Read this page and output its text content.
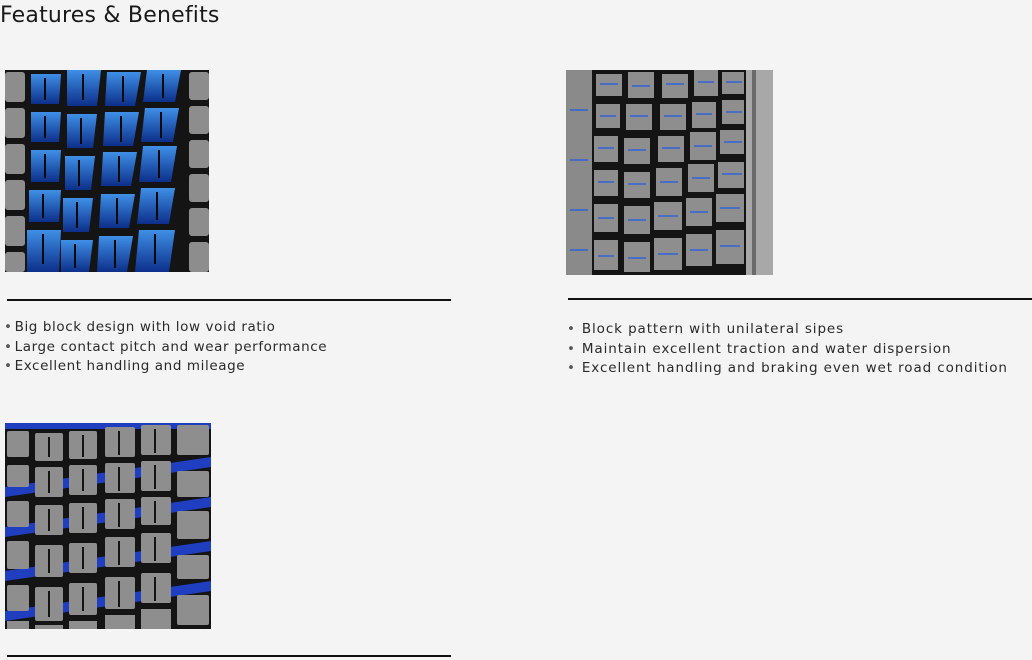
Features & Benefits
• Big block design with low void ratio
• Large contact pitch and wear performance
• Excellent handling and mileage
• Block pattern with unilateral sipes
• Maintain excellent traction and water dispersion
• Excellent handling and braking even wet road condition
